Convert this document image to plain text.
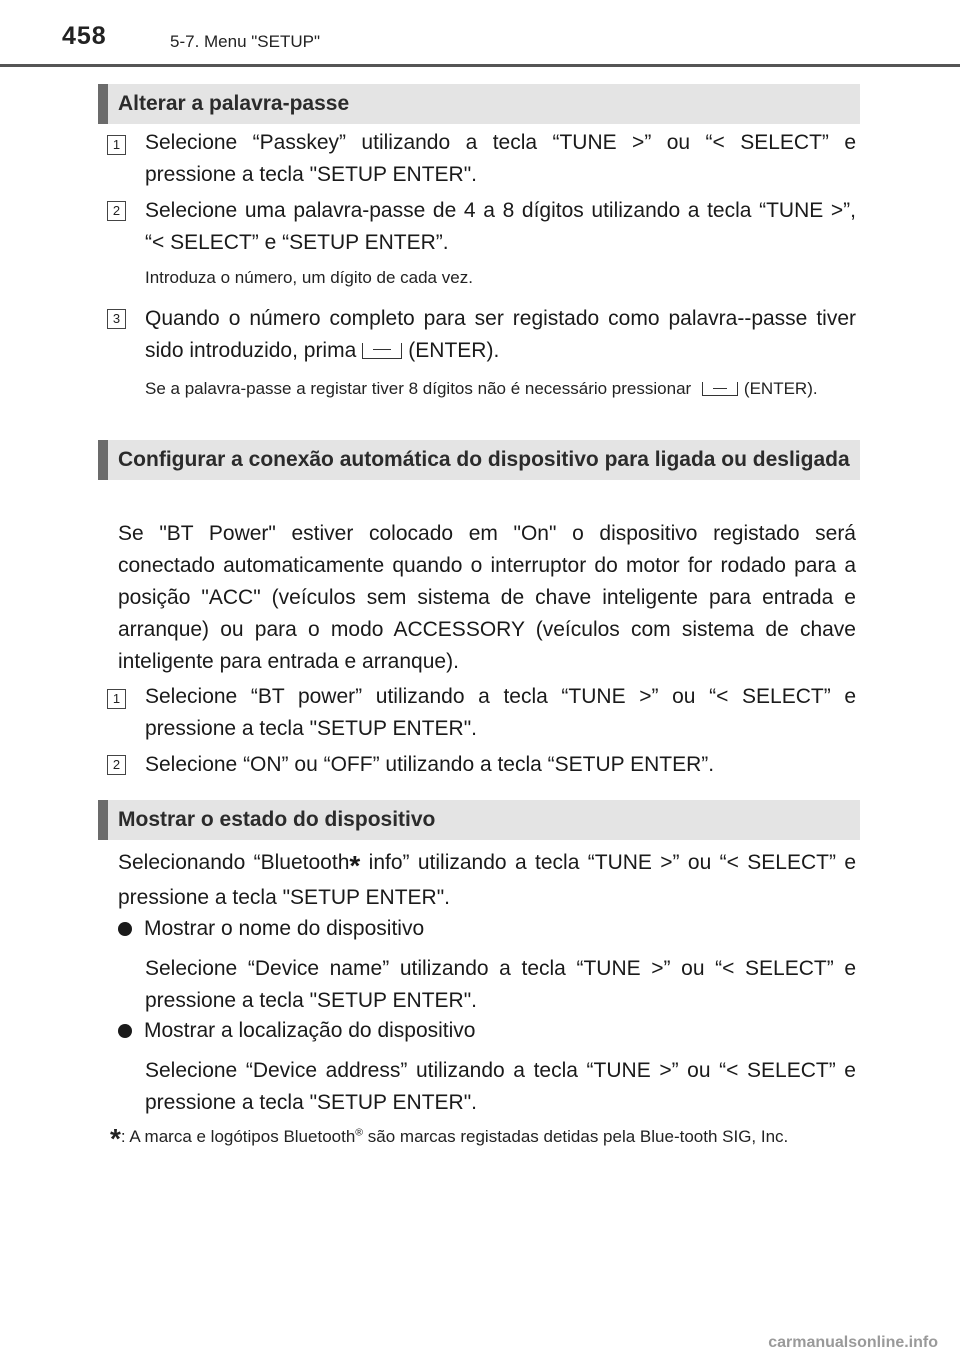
458	5-7. Menu "SETUP"
Alterar a palavra-passe
1 Selecione “Passkey” utilizando a tecla “TUNE >” ou “< SELECT” e pressione a tecla "SETUP ENTER".
2 Selecione uma palavra-passe de 4 a 8 dígitos utilizando a tecla “TUNE >”, “< SELECT” e “SETUP ENTER”.
Introduza o número, um dígito de cada vez.
3 Quando o número completo para ser registado como palavra--passe tiver sido introduzido, prima (ENTER).
Se a palavra-passe a registar tiver 8 dígitos não é necessário pressionar	(ENTER).
Configurar a conexão automática do dispositivo para ligada ou desligada
Se "BT Power" estiver colocado em "On" o dispositivo registado será conectado automaticamente quando o interruptor do motor for rodado para a posição "ACC" (veículos sem sistema de chave inteligente para entrada e arranque) ou para o modo ACCESSORY (veículos com sistema de chave inteligente para entrada e arranque).
1 Selecione “BT power” utilizando a tecla “TUNE >” ou “< SELECT” e pressione a tecla "SETUP ENTER".
2 Selecione “ON” ou “OFF” utilizando a tecla “SETUP ENTER”.
Mostrar o estado do dispositivo
Selecionando “Bluetooth* info” utilizando a tecla “TUNE >” ou “< SELECT” e pressione a tecla "SETUP ENTER".
Mostrar o nome do dispositivo
Selecione “Device name” utilizando a tecla “TUNE >” ou “< SELECT” e pressione a tecla "SETUP ENTER".
Mostrar a localização do dispositivo
Selecione “Device address” utilizando a tecla “TUNE >” ou “< SELECT” e pressione a tecla "SETUP ENTER".
*: A marca e logótipos Bluetooth® são marcas registadas detidas pela Blue-tooth SIG, Inc.
carmanualsonline.info
